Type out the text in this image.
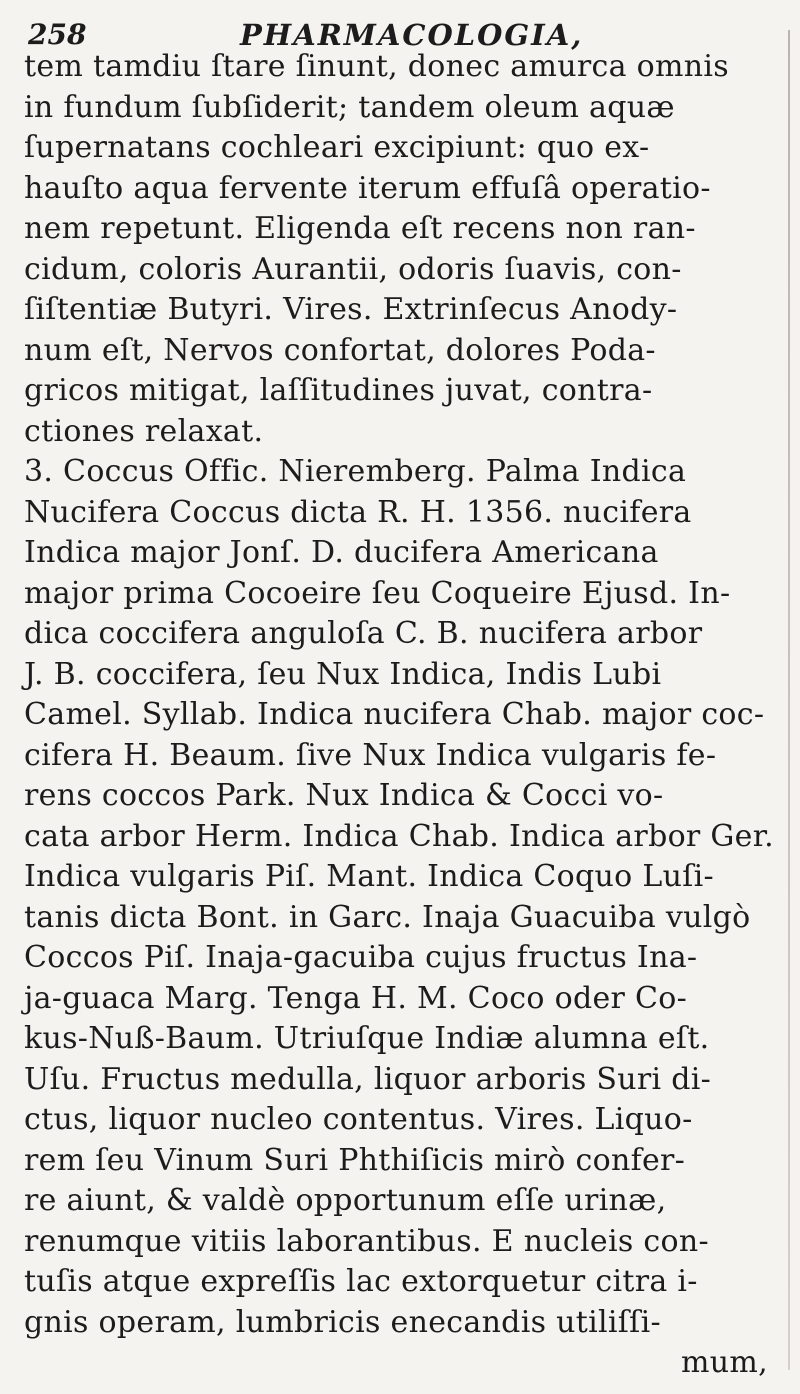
258	PHARMACOLOGIA,
tem tamdiu ſtare ſinunt, donec amurca omnis
in fundum ſubſiderit; tandem oleum aquæ
ſupernatans cochleari excipiunt: quo ex-
hauſto aqua fervente iterum effuſâ operatio-
nem repetunt. Eligenda eſt recens non ran-
cidum, coloris Aurantii, odoris ſuavis, con-
ſiſtentiæ Butyri. Vires. Extrinſecus Anody-
num eſt, Nervos confortat, dolores Poda-
gricos mitigat, laſſitudines juvat, contra-
ctiones relaxat.
3. Coccus Offic. Nieremberg. Palma Indica
Nucifera Coccus dicta R. H. 1356. nucifera
Indica major Jonſ. D. ducifera Americana
major prima Cocoeire ſeu Coqueire Ejusd. In-
dica coccifera anguloſa C. B. nucifera arbor
J. B. coccifera, ſeu Nux Indica, Indis Lubi
Camel. Syllab. Indica nucifera Chab. major coc-
cifera H. Beaum. ſive Nux Indica vulgaris fe-
rens coccos Park. Nux Indica & Cocci vo-
cata arbor Herm. Indica Chab. Indica arbor Ger.
Indica vulgaris Piſ. Mant. Indica Coquo Luſi-
tanis dicta Bont. in Garc. Inaja Guacuiba vulgò
Coccos Piſ. Inaja-gacuiba cujus fructus Ina-
ja-guaca Marg. Tenga H. M. Coco oder Co-
kus-Nuß-Baum. Utriuſque Indiæ alumna eſt.
Uſu. Fructus medulla, liquor arboris Suri di-
ctus, liquor nucleo contentus. Vires. Liquo-
rem ſeu Vinum Suri Phthiſicis mirò confer-
re aiunt, & valdè opportunum eſſe urinæ,
renumque vitiis laborantibus. E nucleis con-
tuſis atque expreſſis lac extorquetur citra i-
gnis operam, lumbricis enecandis utiliſſi-
mum,
